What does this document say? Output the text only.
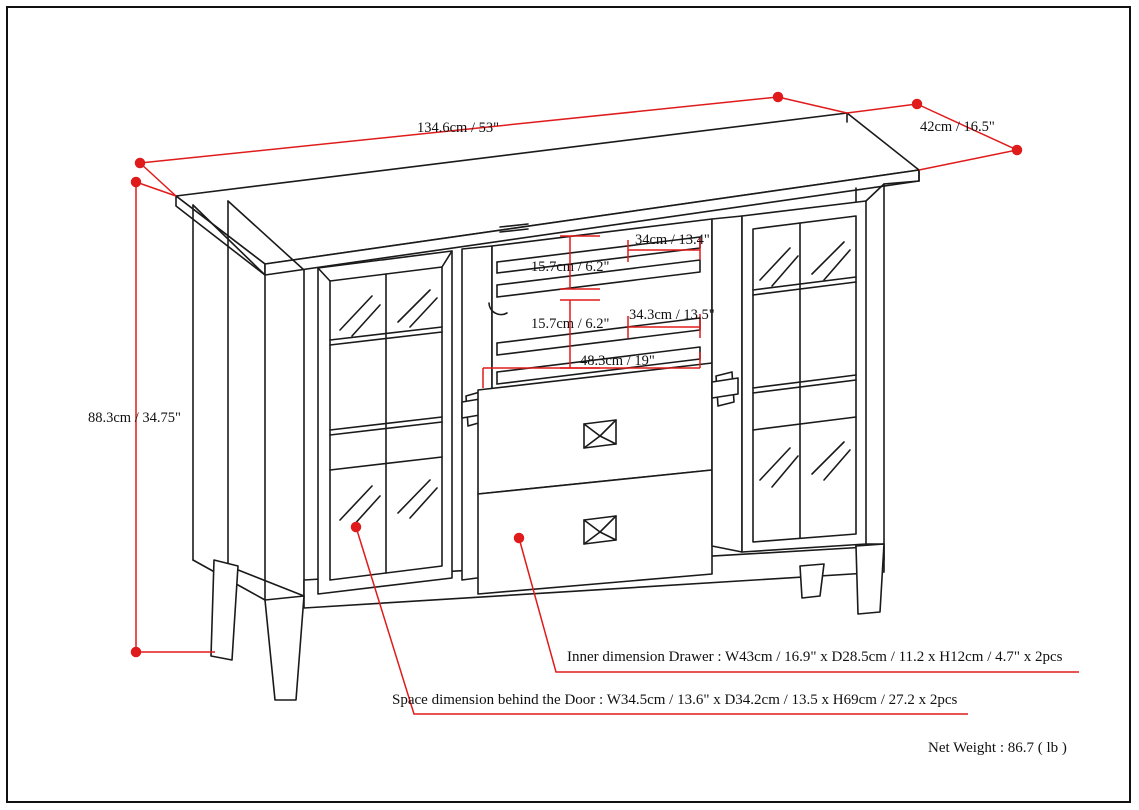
134.6cm / 53"	42cm / 16.5"
88.3cm / 34.75"
34cm / 13.4"
15.7cm / 6.2"
34.3cm / 13.5"
15.7cm / 6.2"
48.3cm / 19"
Inner dimension Drawer : W43cm / 16.9" x D28.5cm / 11.2 x H12cm / 4.7" x 2pcs
Space dimension behind the Door : W34.5cm / 13.6" x D34.2cm / 13.5 x H69cm / 27.2 x 2pcs
Net Weight : 86.7 ( lb )
